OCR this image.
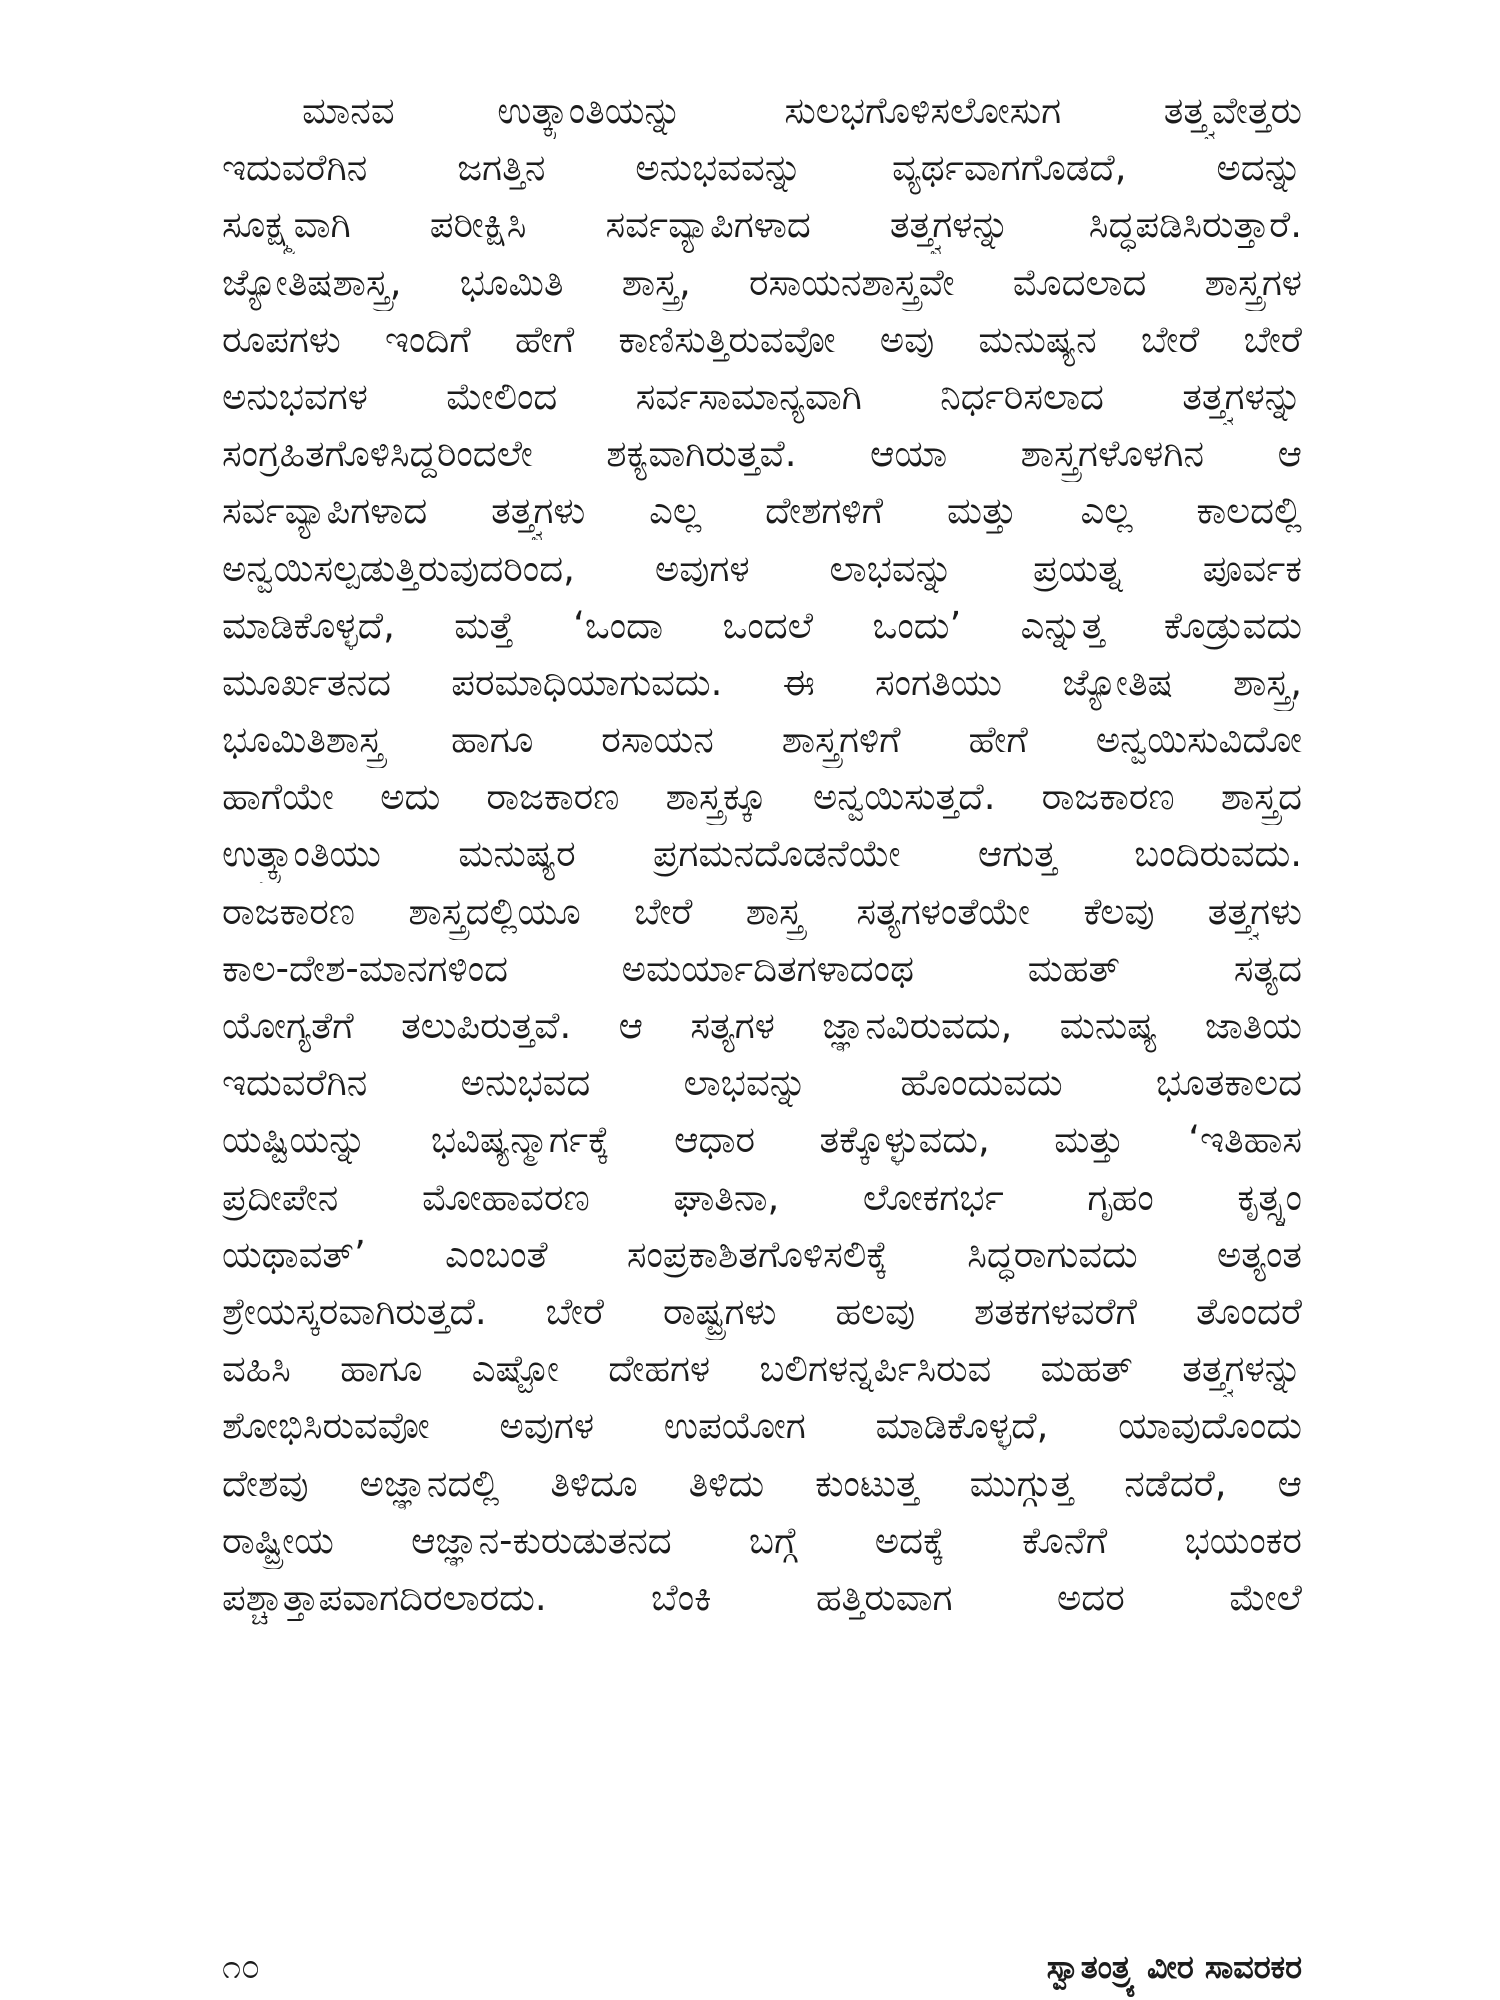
ಮಾನವ ಉತ್ಕ್ರಾಂತಿಯನ್ನು ಸುಲಭಗೊಳಿಸಲೋಸುಗ ತತ್ತ್ವವೇತ್ತರು
ಇದುವರೆಗಿನ ಜಗತ್ತಿನ ಅನುಭವವನ್ನು ವ್ಯರ್ಥವಾಗಗೊಡದೆ, ಅದನ್ನು
ಸೂಕ್ಷ್ಮವಾಗಿ ಪರೀಕ್ಷಿಸಿ ಸರ್ವವ್ಯಾಪಿಗಳಾದ ತತ್ತ್ವಗಳನ್ನು ಸಿದ್ಧಪಡಿಸಿರುತ್ತಾರೆ.
ಜ್ಯೋತಿಷಶಾಸ್ತ್ರ, ಭೂಮಿತಿ ಶಾಸ್ತ್ರ, ರಸಾಯನಶಾಸ್ತ್ರವೇ ಮೊದಲಾದ ಶಾಸ್ತ್ರಗಳ
ರೂಪಗಳು ಇಂದಿಗೆ ಹೇಗೆ ಕಾಣಿಸುತ್ತಿರುವವೋ ಅವು ಮನುಷ್ಯನ ಬೇರೆ ಬೇರೆ
ಅನುಭವಗಳ ಮೇಲಿಂದ ಸರ್ವಸಾಮಾನ್ಯವಾಗಿ ನಿರ್ಧರಿಸಲಾದ ತತ್ತ್ವಗಳನ್ನು
ಸಂಗ್ರಹಿತಗೊಳಿಸಿದ್ದರಿಂದಲೇ ಶಕ್ಯವಾಗಿರುತ್ತವೆ. ಆಯಾ ಶಾಸ್ತ್ರಗಳೊಳಗಿನ ಆ
ಸರ್ವವ್ಯಾಪಿಗಳಾದ ತತ್ತ್ವಗಳು ಎಲ್ಲ ದೇಶಗಳಿಗೆ ಮತ್ತು ಎಲ್ಲ ಕಾಲದಲ್ಲಿ
ಅನ್ವಯಿಸಲ್ಪಡುತ್ತಿರುವುದರಿಂದ, ಅವುಗಳ ಲಾಭವನ್ನು ಪ್ರಯತ್ನ ಪೂರ್ವಕ
ಮಾಡಿಕೊಳ್ಳದೆ, ಮತ್ತೆ ‘ಒಂದಾ ಒಂದಲೆ ಒಂದು’ ಎನ್ನುತ್ತ ಕೊಡ್ರುವದು
ಮೂರ್ಖತನದ ಪರಮಾಧಿಯಾಗುವದು. ಈ ಸಂಗತಿಯು ಜ್ಯೋತಿಷ ಶಾಸ್ತ್ರ,
ಭೂಮಿತಿಶಾಸ್ತ್ರ ಹಾಗೂ ರಸಾಯನ ಶಾಸ್ತ್ರಗಳಿಗೆ ಹೇಗೆ ಅನ್ವಯಿಸುವಿದೋ
ಹಾಗೆಯೇ ಅದು ರಾಜಕಾರಣ ಶಾಸ್ತ್ರಕ್ಕೂ ಅನ್ವಯಿಸುತ್ತದೆ. ರಾಜಕಾರಣ ಶಾಸ್ತ್ರದ
ಉತ್ಕ್ರಾಂತಿಯು ಮನುಷ್ಯರ ಪ್ರಗಮನದೊಡನೆಯೇ ಆಗುತ್ತ ಬಂದಿರುವದು.
ರಾಜಕಾರಣ ಶಾಸ್ತ್ರದಲ್ಲಿಯೂ ಬೇರೆ ಶಾಸ್ತ್ರ ಸತ್ಯಗಳಂತೆಯೇ ಕೆಲವು ತತ್ತ್ವಗಳು
ಕಾಲ-ದೇಶ-ಮಾನಗಳಿಂದ ಅಮರ್ಯಾದಿತಗಳಾದಂಥ ಮಹತ್ ಸತ್ಯದ
ಯೋಗ್ಯತೆಗೆ ತಲುಪಿರುತ್ತವೆ. ಆ ಸತ್ಯಗಳ ಜ್ಞಾನವಿರುವದು, ಮನುಷ್ಯ ಜಾತಿಯ
ಇದುವರೆಗಿನ ಅನುಭವದ ಲಾಭವನ್ನು ಹೊಂದುವದು ಭೂತಕಾಲದ
ಯಷ್ಟಿಯನ್ನು ಭವಿಷ್ಯನ್ಮಾರ್ಗಕ್ಕೆ ಆಧಾರ ತಕ್ಕೊಳ್ಳುವದು, ಮತ್ತು ‘ಇತಿಹಾಸ
ಪ್ರದೀಪೇನ ಮೋಹಾವರಣ ಘಾತಿನಾ, ಲೋಕಗರ್ಭ ಗೃಹಂ ಕೃತ್ಸ್ನಂ
ಯಥಾವತ್’ ಎಂಬಂತೆ ಸಂಪ್ರಕಾಶಿತಗೊಳಿಸಲಿಕ್ಕೆ ಸಿದ್ಧರಾಗುವದು ಅತ್ಯಂತ
ಶ್ರೇಯಸ್ಕರವಾಗಿರುತ್ತದೆ. ಬೇರೆ ರಾಷ್ಟ್ರಗಳು ಹಲವು ಶತಕಗಳವರೆಗೆ ತೊಂದರೆ
ವಹಿಸಿ ಹಾಗೂ ಎಷ್ಟೋ ದೇಹಗಳ ಬಲಿಗಳನ್ನರ್ಪಿಸಿರುವ ಮಹತ್ ತತ್ತ್ವಗಳನ್ನು
ಶೋಭಿಸಿರುವವೋ ಅವುಗಳ ಉಪಯೋಗ ಮಾಡಿಕೊಳ್ಳದೆ, ಯಾವುದೊಂದು
ದೇಶವು ಅಜ್ಞಾನದಲ್ಲಿ ತಿಳಿದೂ ತಿಳಿದು ಕುಂಟುತ್ತ ಮುಗ್ಗುತ್ತ ನಡೆದರೆ, ಆ
ರಾಷ್ಟ್ರೀಯ ಆಜ್ಞಾನ-ಕುರುಡುತನದ ಬಗ್ಗೆ ಅದಕ್ಕೆ ಕೊನೆಗೆ ಭಯಂಕರ
ಪಶ್ಚಾತ್ತಾಪವಾಗದಿರಲಾರದು. ಬೆಂಕಿ ಹತ್ತಿರುವಾಗ ಅದರ ಮೇಲೆ
೧೦	ಸ್ವಾತಂತ್ರ್ಯ ವೀರ ಸಾವರಕರ
